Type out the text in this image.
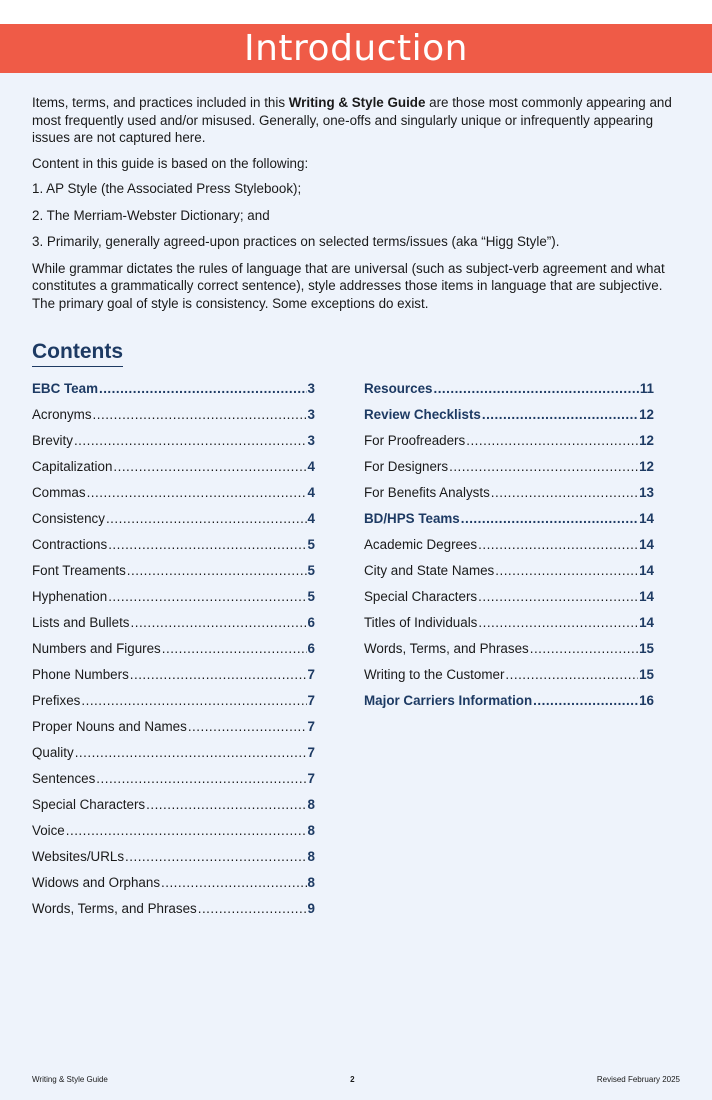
Introduction

Items, terms, and practices included in this Writing & Style Guide are those most commonly appearing and most frequently used and/or misused. Generally, one-offs and singularly unique or infrequently appearing issues are not captured here.

Content in this guide is based on the following:

1. AP Style (the Associated Press Stylebook);

2. The Merriam-Webster Dictionary; and

3. Primarily, generally agreed-upon practices on selected terms/issues (aka “Higg Style”).

While grammar dictates the rules of language that are universal (such as subject-verb agreement and what constitutes a grammatically correct sentence), style addresses those items in language that are subjective. The primary goal of style is consistency. Some exceptions do exist.

Contents
EBC Team .....	3
Acronyms .....	3
Brevity .....	3
Capitalization .....	4
Commas .....	4
Consistency .....	4
Contractions .....	5
Font Treaments .....	5
Hyphenation .....	5
Lists and Bullets .....	6
Numbers and Figures .....	6
Phone Numbers .....	7
Prefixes .....	7
Proper Nouns and Names .....	7
Quality .....	7
Sentences .....	7
Special Characters .....	8
Voice .....	8
Websites/URLs .....	8
Widows and Orphans .....	8
Words, Terms, and Phrases .....	9
Resources .....	11
Review Checklists .....	12
For Proofreaders .....	12
For Designers .....	12
For Benefits Analysts .....	13
BD/HPS Teams .....	14
Academic Degrees .....	14
City and State Names .....	14
Special Characters .....	14
Titles of Individuals .....	14
Words, Terms, and Phrases .....	15
Writing to the Customer .....	15
Major Carriers Information .....	16
Writing & Style Guide	2	Revised February 2025
